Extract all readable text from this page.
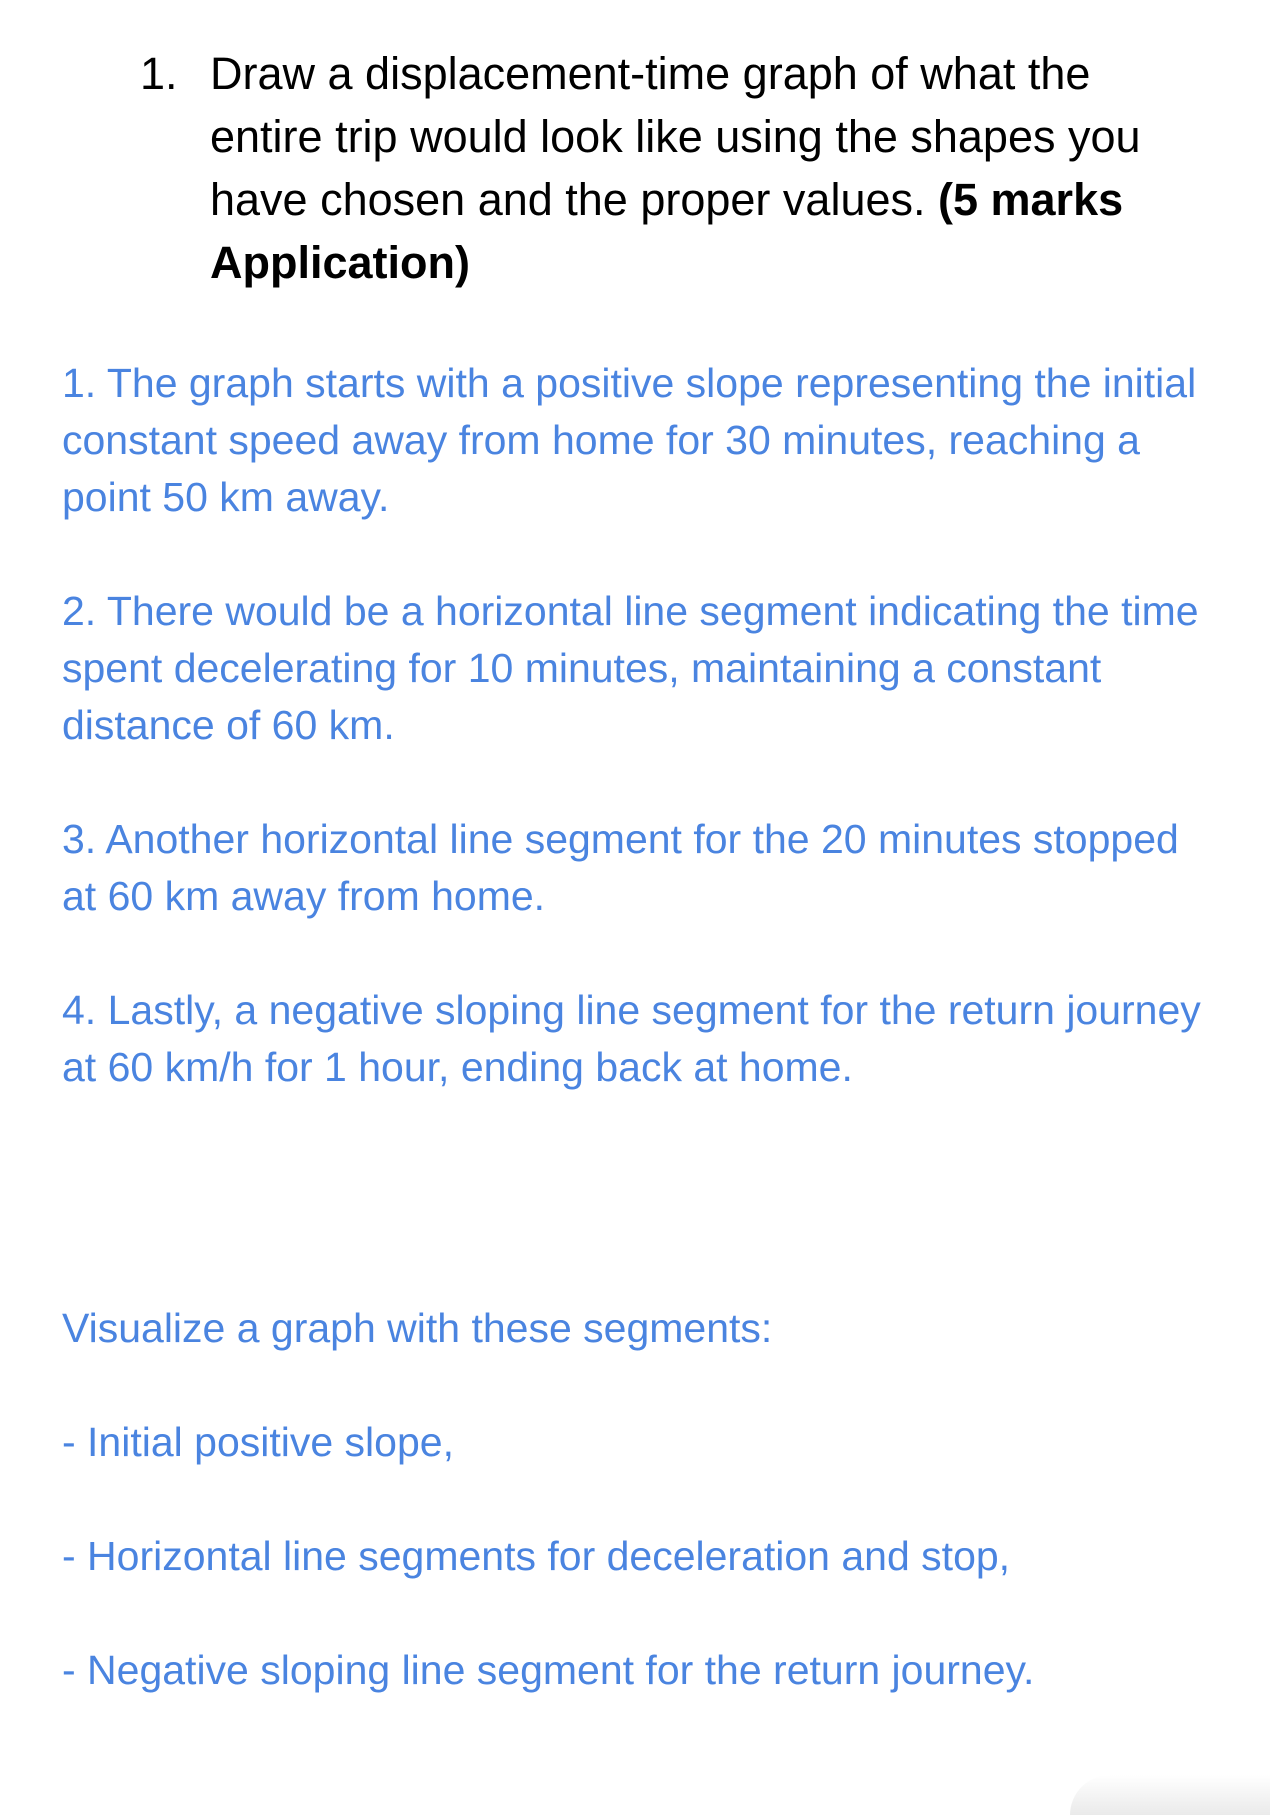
1. Draw a displacement-time graph of what the entire trip would look like using the shapes you have chosen and the proper values. (5 marks Application)

1. The graph starts with a positive slope representing the initial constant speed away from home for 30 minutes, reaching a point 50 km away.

2. There would be a horizontal line segment indicating the time spent decelerating for 10 minutes, maintaining a constant distance of 60 km.

3. Another horizontal line segment for the 20 minutes stopped at 60 km away from home.

4. Lastly, a negative sloping line segment for the return journey at 60 km/h for 1 hour, ending back at home.

Visualize a graph with these segments:

- Initial positive slope,

- Horizontal line segments for deceleration and stop,

- Negative sloping line segment for the return journey.
